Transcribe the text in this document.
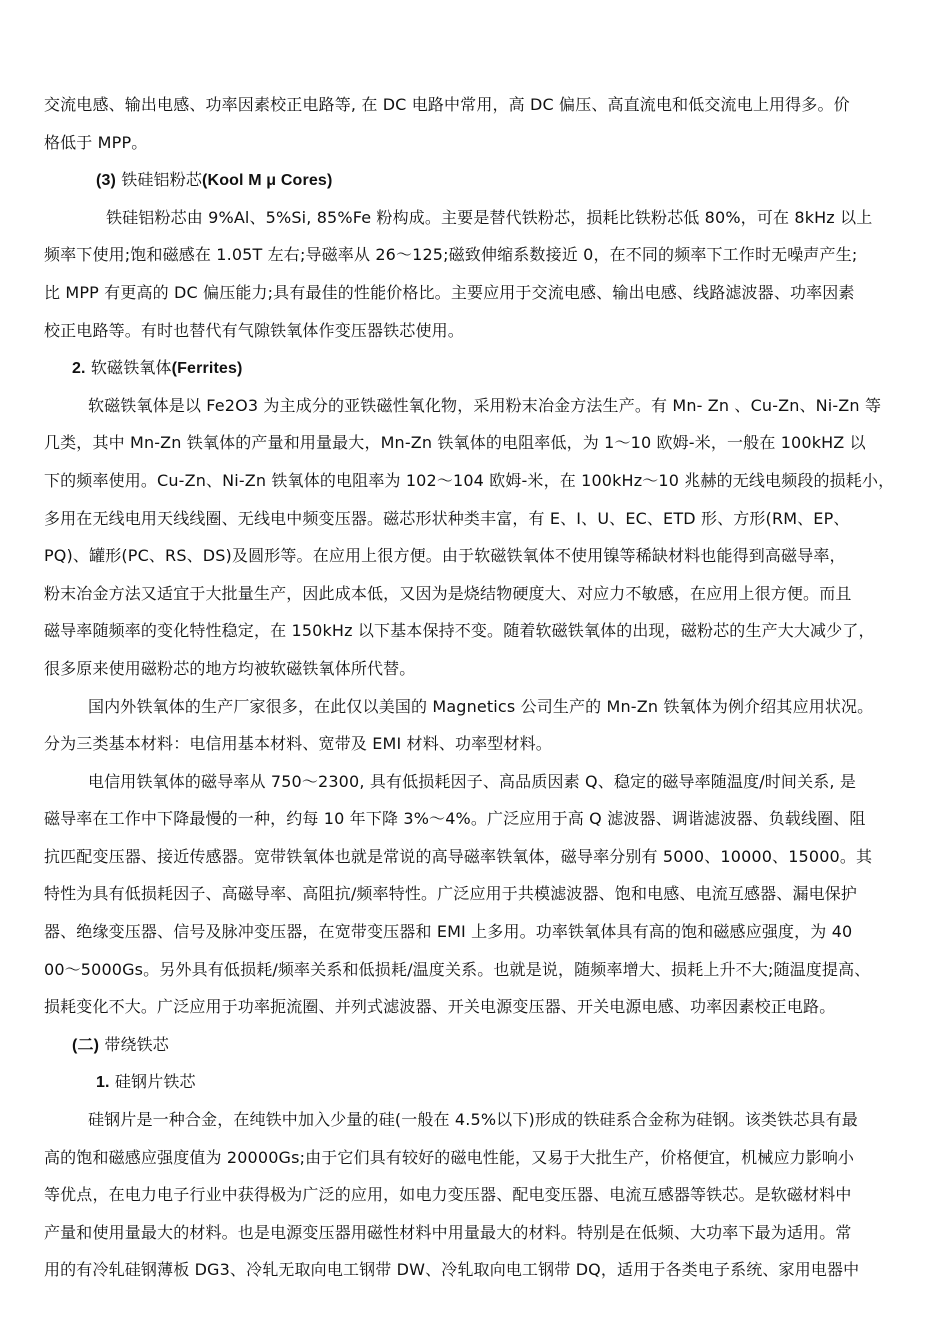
交流电感、输出电感、功率因素校正电路等, 在 DC 电路中常用，高 DC 偏压、高直流电和低交流电上用得多。价
格低于 MPP。
(3) 铁硅铝粉芯(Kool M μ Cores)
铁硅铝粉芯由 9%Al、5%Si, 85%Fe 粉构成。主要是替代铁粉芯，损耗比铁粉芯低 80%，可在 8kHz 以上
频率下使用;饱和磁感在 1.05T 左右;导磁率从 26～125;磁致伸缩系数接近 0，在不同的频率下工作时无噪声产生;
比 MPP 有更高的 DC 偏压能力;具有最佳的性能价格比。主要应用于交流电感、输出电感、线路滤波器、功率因素
校正电路等。有时也替代有气隙铁氧体作变压器铁芯使用。
2. 软磁铁氧体(Ferrites)
软磁铁氧体是以 Fe2O3 为主成分的亚铁磁性氧化物，采用粉末冶金方法生产。有 Mn- Zn 、Cu-Zn、Ni-Zn 等
几类，其中 Mn-Zn 铁氧体的产量和用量最大，Mn-Zn 铁氧体的电阻率低，为 1～10 欧姆-米，一般在 100kHZ 以
下的频率使用。Cu-Zn、Ni-Zn 铁氧体的电阻率为 102～104 欧姆-米，在 100kHz～10 兆赫的无线电频段的损耗小，
多用在无线电用天线线圈、无线电中频变压器。磁芯形状种类丰富，有 E、I、U、EC、ETD 形、方形(RM、EP、
PQ)、罐形(PC、RS、DS)及圆形等。在应用上很方便。由于软磁铁氧体不使用镍等稀缺材料也能得到高磁导率，
粉末冶金方法又适宜于大批量生产，因此成本低，又因为是烧结物硬度大、对应力不敏感，在应用上很方便。而且
磁导率随频率的变化特性稳定，在 150kHz 以下基本保持不变。随着软磁铁氧体的出现，磁粉芯的生产大大减少了，
很多原来使用磁粉芯的地方均被软磁铁氧体所代替。
国内外铁氧体的生产厂家很多，在此仅以美国的 Magnetics 公司生产的 Mn-Zn 铁氧体为例介绍其应用状况。
分为三类基本材料：电信用基本材料、宽带及 EMI 材料、功率型材料。
电信用铁氧体的磁导率从 750～2300, 具有低损耗因子、高品质因素 Q、稳定的磁导率随温度/时间关系, 是
磁导率在工作中下降最慢的一种，约每 10 年下降 3%～4%。广泛应用于高 Q 滤波器、调谐滤波器、负载线圈、阻
抗匹配变压器、接近传感器。宽带铁氧体也就是常说的高导磁率铁氧体，磁导率分别有 5000、10000、15000。其
特性为具有低损耗因子、高磁导率、高阻抗/频率特性。广泛应用于共模滤波器、饱和电感、电流互感器、漏电保护
器、绝缘变压器、信号及脉冲变压器，在宽带变压器和 EMI 上多用。功率铁氧体具有高的饱和磁感应强度，为 40
00～5000Gs。另外具有低损耗/频率关系和低损耗/温度关系。也就是说，随频率增大、损耗上升不大;随温度提高、
损耗变化不大。广泛应用于功率扼流圈、并列式滤波器、开关电源变压器、开关电源电感、功率因素校正电路。
(二) 带绕铁芯
1. 硅钢片铁芯
硅钢片是一种合金，在纯铁中加入少量的硅(一般在 4.5%以下)形成的铁硅系合金称为硅钢。该类铁芯具有最
高的饱和磁感应强度值为 20000Gs;由于它们具有较好的磁电性能，又易于大批生产，价格便宜，机械应力影响小
等优点，在电力电子行业中获得极为广泛的应用，如电力变压器、配电变压器、电流互感器等铁芯。是软磁材料中
产量和使用量最大的材料。也是电源变压器用磁性材料中用量最大的材料。特别是在低频、大功率下最为适用。常
用的有冷轧硅钢薄板 DG3、冷轧无取向电工钢带 DW、冷轧取向电工钢带 DQ，适用于各类电子系统、家用电器中
